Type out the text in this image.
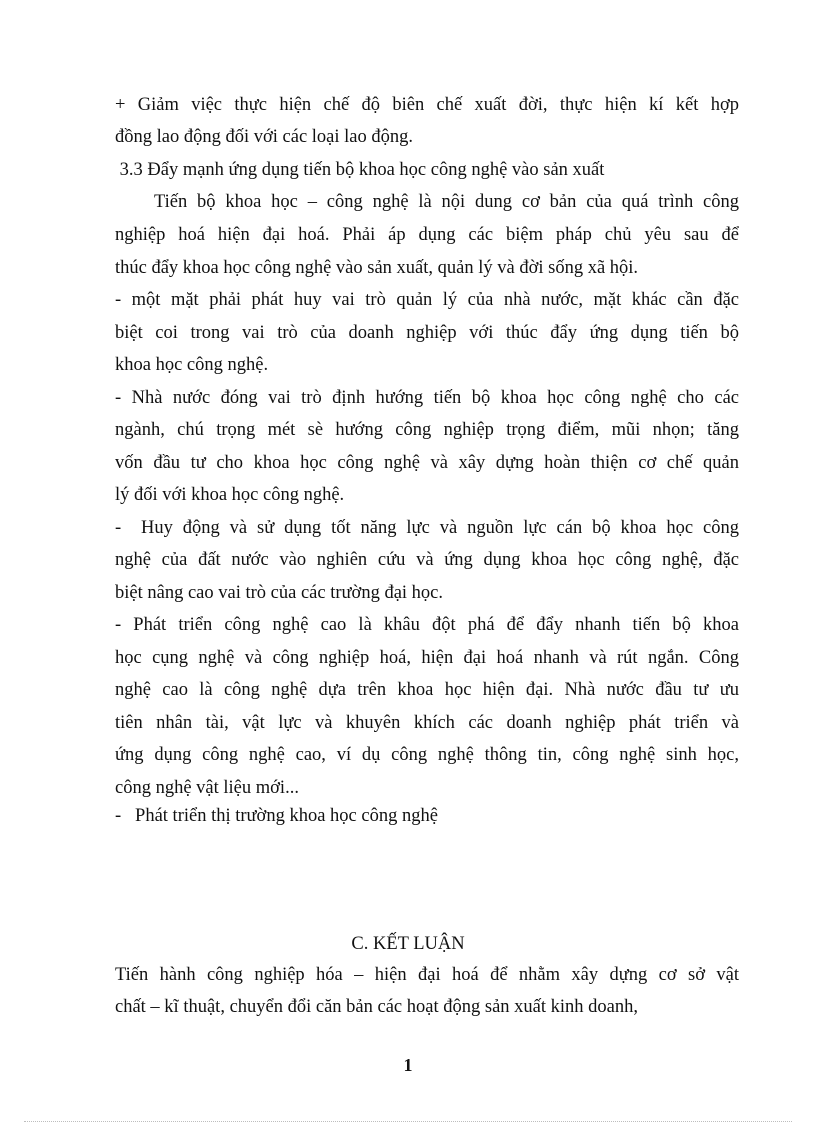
+ Giảm việc thực hiện chế độ biên chế xuất đời, thực hiện kí kết hợp
đồng lao động đối với các loại lao động.
3.3 Đẩy mạnh ứng dụng tiến bộ khoa học công nghệ vào sản xuất
Tiến bộ khoa học – công nghệ là nội dung cơ bản của quá trình công
nghiệp hoá hiện đại hoá. Phải áp dụng các biệm pháp chủ yêu sau để
thúc đẩy khoa học công nghệ vào sản xuất, quản lý và đời sống xã hội.
- một mặt phải phát huy vai trò quản lý của nhà nước, mặt khác cần đặc
biệt coi trong vai trò của doanh nghiệp với thúc đẩy ứng dụng tiến bộ
khoa học công nghệ.
- Nhà nước đóng vai trò định hướng tiến bộ khoa học công nghệ cho các
ngành, chú trọng mét sè hướng công nghiệp trọng điểm, mũi nhọn; tăng
vốn đầu tư cho khoa học công nghệ và xây dựng hoàn thiện cơ chế quản
lý đối với khoa học công nghệ.
-  Huy động và sử dụng tốt năng lực và nguồn lực cán bộ khoa học công
nghệ của đất nước vào nghiên cứu và ứng dụng khoa học công nghệ, đặc
biệt nâng cao vai trò của các trường đại học.
- Phát triển công nghệ cao là khâu đột phá để đẩy nhanh tiến bộ khoa
học cụng nghệ và công nghiệp hoá, hiện đại hoá nhanh và rút ngắn. Công
nghệ cao là công nghệ dựa trên khoa học hiện đại. Nhà nước đầu tư ưu
tiên nhân tài, vật lực và khuyên khích các doanh nghiệp phát triển và
ứng dụng công nghệ cao, ví dụ công nghệ thông tin, công nghệ sinh học,
công nghệ vật liệu mới...
-   Phát triển thị trường khoa học công nghệ
C. KẾT LUẬN
Tiến hành công nghiệp hóa – hiện đại hoá để nhằm xây dựng cơ sở vật
chất – kĩ thuật, chuyển đổi căn bản các hoạt động sản xuất kinh doanh,
1
